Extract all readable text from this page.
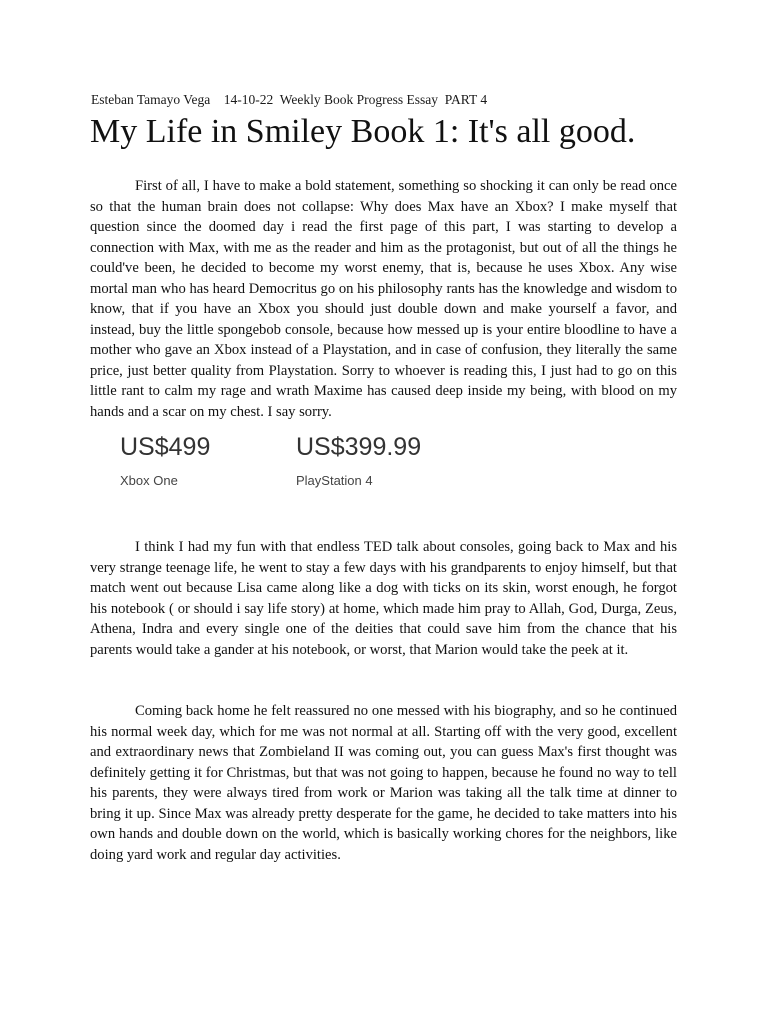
Esteban Tamayo Vega    14-10-22  Weekly Book Progress Essay  PART 4
My Life in Smiley Book 1: It's all good.

First of all, I have to make a bold statement, something so shocking it can only be read once so that the human brain does not collapse: Why does Max have an Xbox? I make myself that question since the doomed day i read the first page of this part, I was starting to develop a connection with Max, with me as the reader and him as the protagonist, but out of all the things he could've been, he decided to become my worst enemy, that is, because he uses Xbox. Any wise mortal man who has heard Democritus go on his philosophy rants has the knowledge and wisdom to know, that if you have an Xbox you should just double down and make yourself a favor, and instead, buy the little spongebob console, because how messed up is your entire bloodline to have a mother who gave an Xbox instead of a Playstation, and in case of confusion, they literally the same price, just better quality from Playstation. Sorry to whoever is reading this, I just had to go on this little rant to calm my rage and wrath Maxime has caused deep inside my being, with blood on my hands and a scar on my chest. I say sorry.

US$499
Xbox One
US$399.99
PlayStation 4

I think I had my fun with that endless TED talk about consoles, going back to Max and his very strange teenage life, he went to stay a few days with his grandparents to enjoy himself, but that match went out because Lisa came along like a dog with ticks on its skin, worst enough, he forgot his notebook ( or should i say life story) at home, which made him pray to Allah, God, Durga, Zeus, Athena, Indra and every single one of the deities that could save him from the chance that his parents would take a gander at his notebook, or worst, that Marion would take the peek at it.

Coming back home he felt reassured no one messed with his biography, and so he continued his normal week day, which for me was not normal at all. Starting off with the very good, excellent and extraordinary news that Zombieland II was coming out, you can guess Max's first thought was definitely getting it for Christmas, but that was not going to happen, because he found no way to tell his parents, they were always tired from work or Marion was taking all the talk time at dinner to bring it up. Since Max was already pretty desperate for the game, he decided to take matters into his own hands and double down on the world, which is basically working chores for the neighbors, like doing yard work and regular day activities.
